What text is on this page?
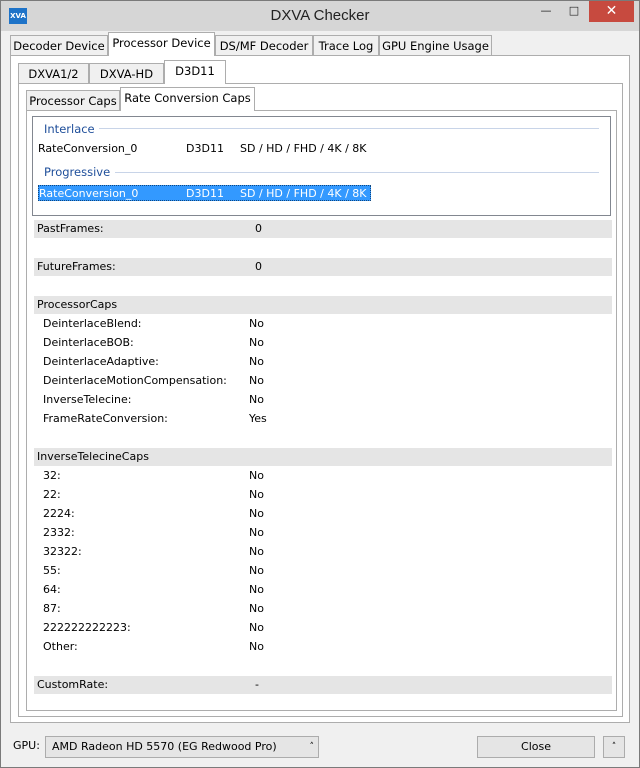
XVA	DXVA Checker	—	□	✕
Decoder Device Processor Device DS/MF Decoder Trace Log GPU Engine Usage
DXVA1/2	DXVA-HD	D3D11
Processor Caps Rate Conversion Caps
Interlace
RateConversion_0	D3D11 SD / HD / FHD / 4K / 8K
Progressive
RateConversion_0	D3D11 SD / HD / FHD / 4K / 8K
PastFrames:	0
FutureFrames:	0
ProcessorCaps
DeinterlaceBlend:	No
DeinterlaceBOB:	No
DeinterlaceAdaptive:	No
DeinterlaceMotionCompensation: No
InverseTelecine:	No
FrameRateConversion:	Yes
InverseTelecineCaps
32:	No
22:	No
2224:	No
2332:	No
32322:	No
55:	No
64:	No
87:	No
222222222223:	No
Other:	No
CustomRate:	-
GPU:	AMD Radeon HD 5570 (EG Redwood Pro)	˄	Close	˄
